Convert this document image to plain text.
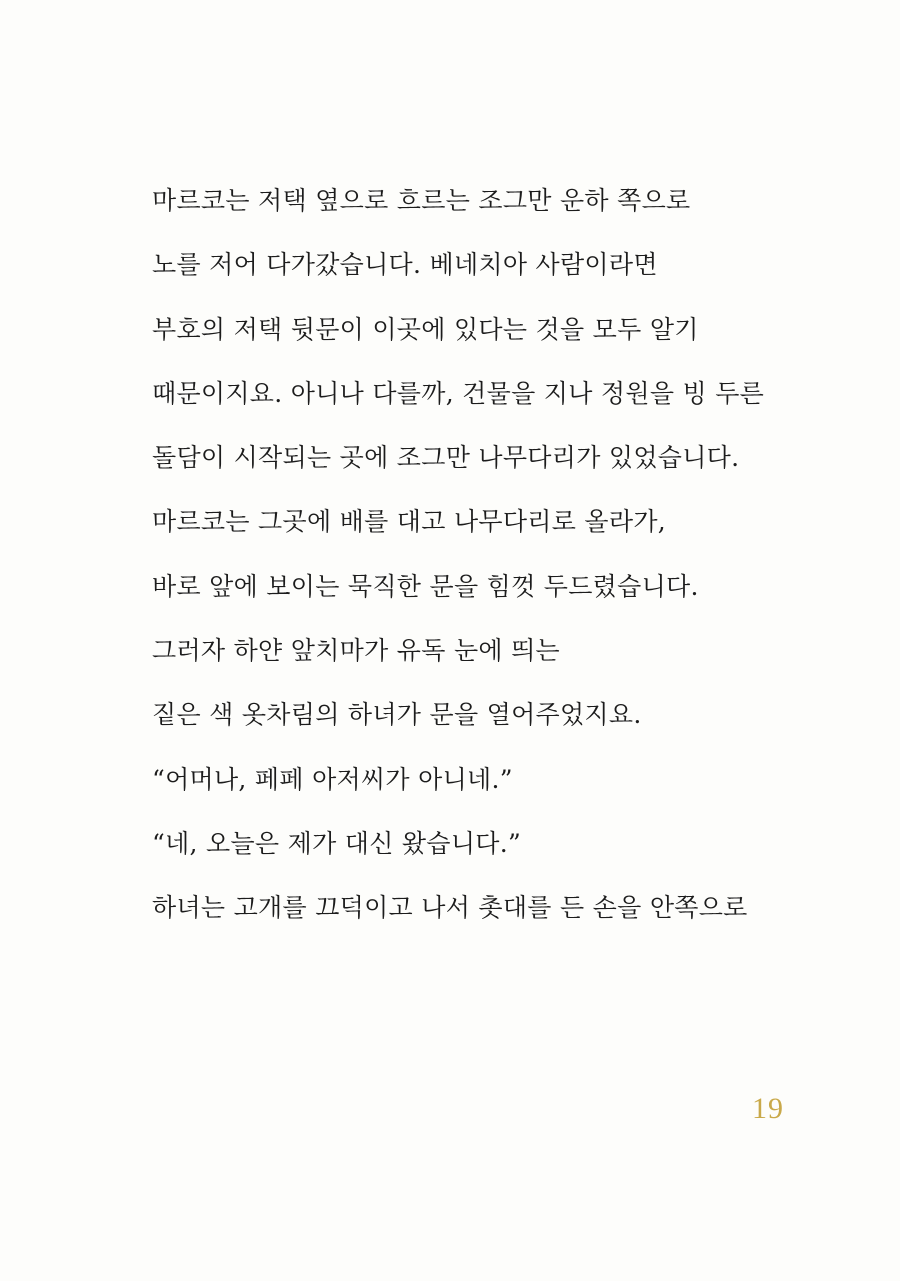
마르코는 저택 옆으로 흐르는 조그만 운하 쪽으로
노를 저어 다가갔습니다. 베네치아 사람이라면
부호의 저택 뒷문이 이곳에 있다는 것을 모두 알기
때문이지요. 아니나 다를까, 건물을 지나 정원을 빙 두른
돌담이 시작되는 곳에 조그만 나무다리가 있었습니다.
마르코는 그곳에 배를 대고 나무다리로 올라가,
바로 앞에 보이는 묵직한 문을 힘껏 두드렸습니다.
그러자 하얀 앞치마가 유독 눈에 띄는
짙은 색 옷차림의 하녀가 문을 열어주었지요.
“어머나, 페페 아저씨가 아니네.”
“네, 오늘은 제가 대신 왔습니다.”
하녀는 고개를 끄덕이고 나서 촛대를 든 손을 안쪽으로
19
